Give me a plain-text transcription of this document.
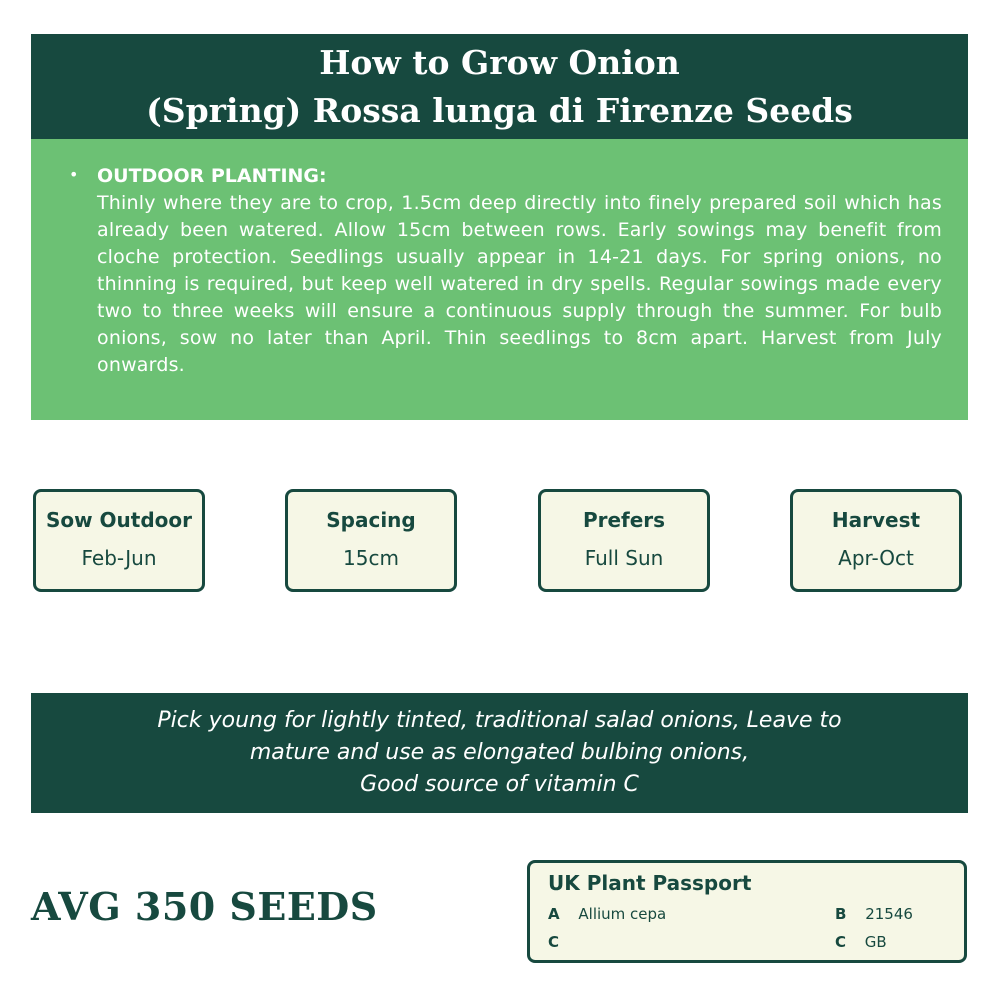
How to Grow Onion
(Spring) Rossa lunga di Firenze Seeds
• OUTDOOR PLANTING:
Thinly where they are to crop, 1.5cm deep directly into finely prepared soil which has already been watered. Allow 15cm between rows. Early sowings may benefit from cloche protection. Seedlings usually appear in 14-21 days. For spring onions, no thinning is required, but keep well watered in dry spells. Regular sowings made every two to three weeks will ensure a continuous supply through the summer. For bulb onions, sow no later than April. Thin seedlings to 8cm apart. Harvest from July onwards.
Sow Outdoor
Feb-Jun
Spacing
15cm
Prefers
Full Sun
Harvest
Apr-Oct
Pick young for lightly tinted, traditional salad onions, Leave to
mature and use as elongated bulbing onions,
Good source of vitamin C
AVG 350 SEEDS
UK Plant Passport
A Allium cepa	B 21546
C	C GB
